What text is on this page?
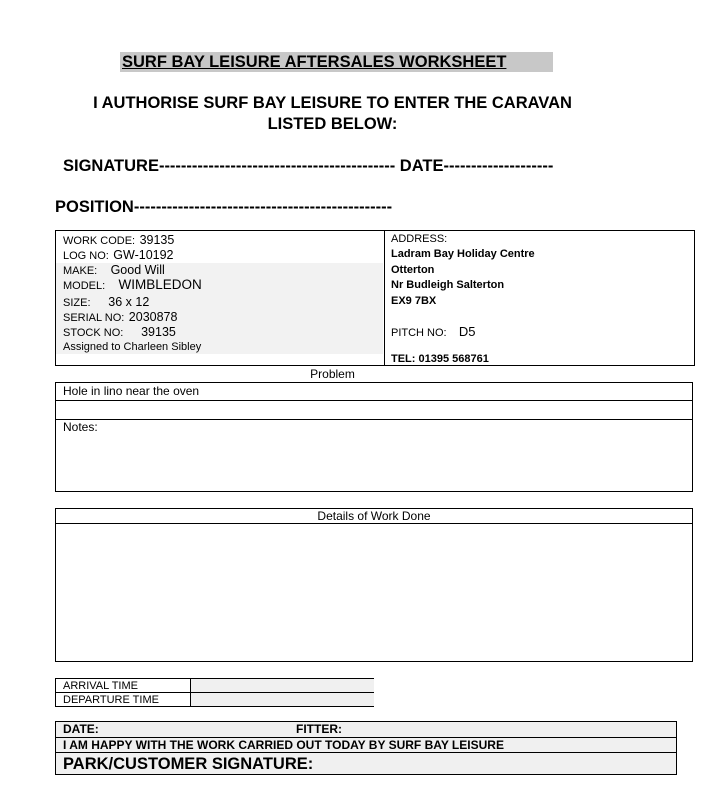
SURF BAY LEISURE AFTERSALES WORKSHEET
I AUTHORISE SURF BAY LEISURE TO ENTER THE CARAVAN
LISTED BELOW:
SIGNATURE------------------------------------------- DATE--------------------
POSITION-----------------------------------------------
WORK CODE: 39135
LOG NO: GW-10192
MAKE: Good Will
MODEL: WIMBLEDON
SIZE: 36 x 12
SERIAL NO: 2030878
STOCK NO: 39135
Assigned to Charleen Sibley
ADDRESS:
Ladram Bay Holiday Centre
Otterton
Nr Budleigh Salterton
EX9 7BX
PITCH NO: D5
TEL: 01395 568761
Problem
Hole in lino near the oven
Notes:
Details of Work Done
ARRIVAL TIME
DEPARTURE TIME
DATE:	FITTER:
I AM HAPPY WITH THE WORK CARRIED OUT TODAY BY SURF BAY LEISURE
PARK/CUSTOMER SIGNATURE:
